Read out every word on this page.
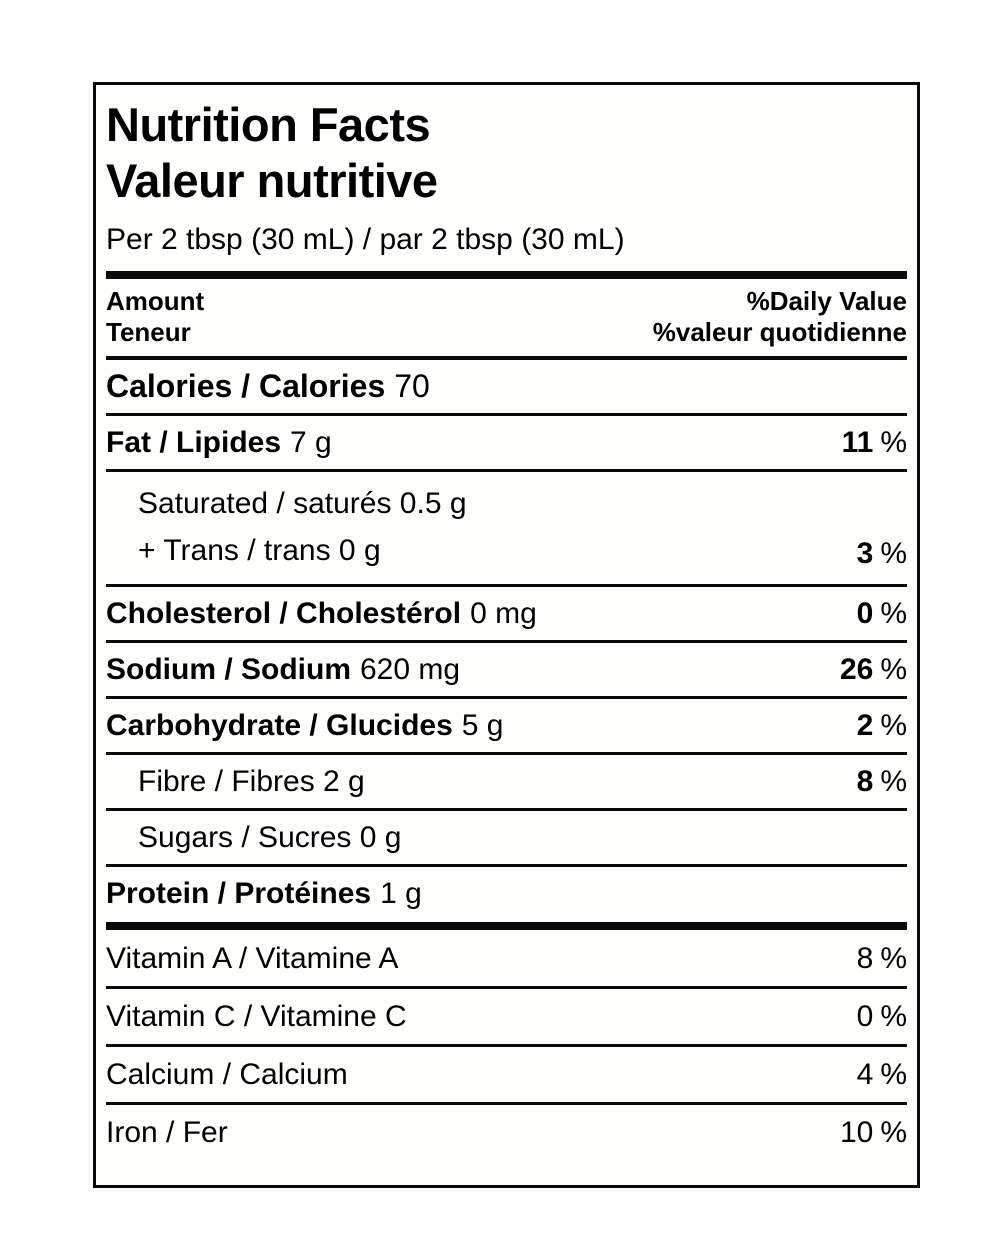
Nutrition Facts
Valeur nutritive
Per 2 tbsp (30 mL) / par 2 tbsp (30 mL)
Amount
Teneur
%Daily Value
%valeur quotidienne
Calories / Calories 70
Fat / Lipides 7 g	11 %
Saturated / saturés 0.5 g
+ Trans / trans 0 g	3 %
Cholesterol / Cholestérol 0 mg	0 %
Sodium / Sodium 620 mg	26 %
Carbohydrate / Glucides 5 g	2 %
Fibre / Fibres 2 g	8 %
Sugars / Sucres 0 g
Protein / Protéines 1 g
Vitamin A / Vitamine A	8 %
Vitamin C / Vitamine C	0 %
Calcium / Calcium	4 %
Iron / Fer	10 %
